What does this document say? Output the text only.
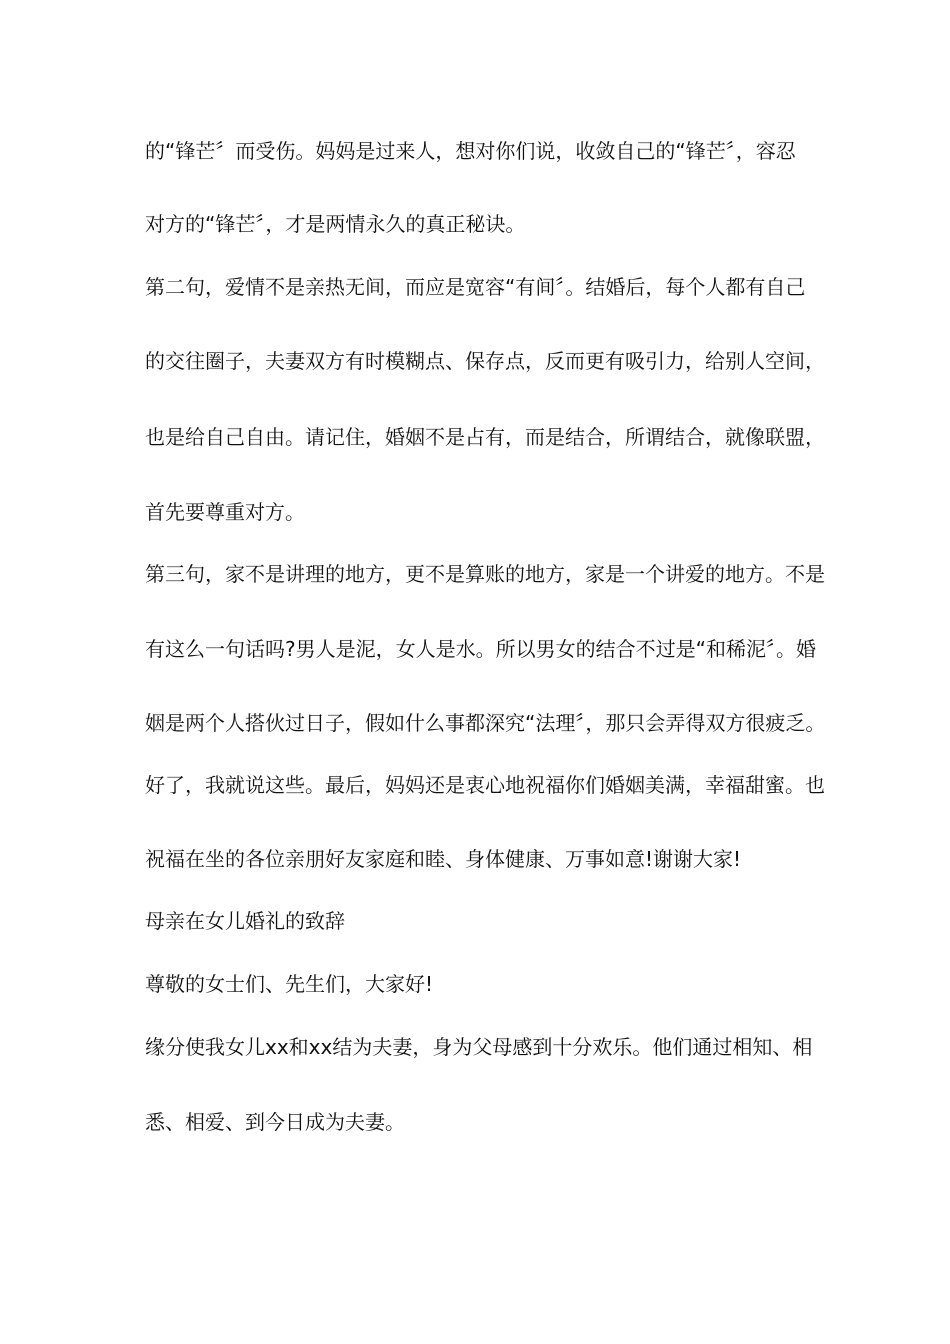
的“锋芒〞而受伤。妈妈是过来人，想对你们说，收敛自己的“锋芒〞，容忍
对方的“锋芒〞，才是两情永久的真正秘诀。
第二句，爱情不是亲热无间，而应是宽容“有间〞。结婚后，每个人都有自己
的交往圈子，夫妻双方有时模糊点、保存点，反而更有吸引力，给别人空间，
也是给自己自由。请记住，婚姻不是占有，而是结合，所谓结合，就像联盟，
首先要尊重对方。
第三句，家不是讲理的地方，更不是算账的地方，家是一个讲爱的地方。不是
有这么一句话吗?男人是泥，女人是水。所以男女的结合不过是“和稀泥〞。婚
姻是两个人搭伙过日子，假如什么事都深究“法理〞，那只会弄得双方很疲乏。
好了，我就说这些。最后，妈妈还是衷心地祝福你们婚姻美满，幸福甜蜜。也
祝福在坐的各位亲朋好友家庭和睦、身体健康、万事如意!谢谢大家!
母亲在女儿婚礼的致辞
尊敬的女士们、先生们，大家好!
缘分使我女儿xx和xx结为夫妻，身为父母感到十分欢乐。他们通过相知、相
悉、相爱、到今日成为夫妻。
